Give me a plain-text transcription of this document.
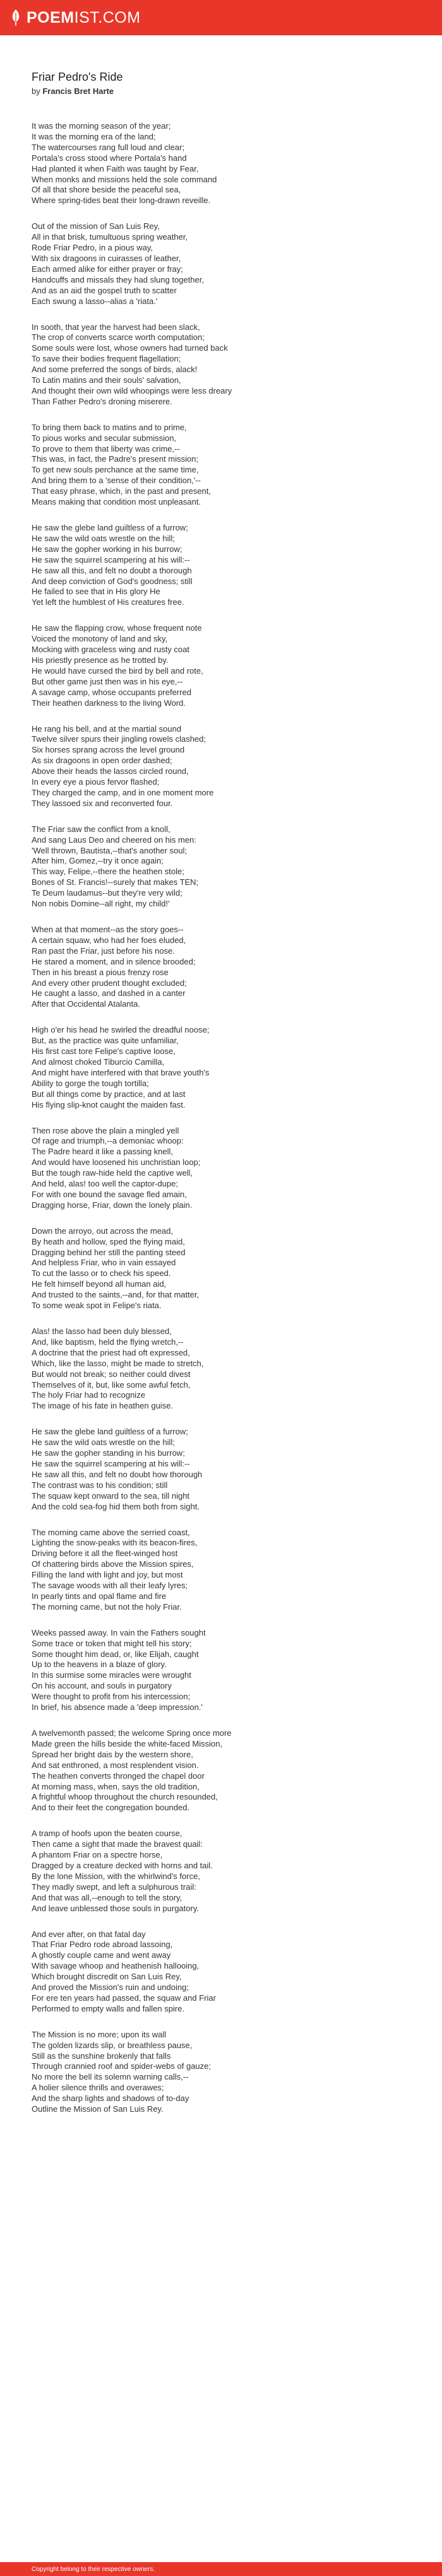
POEMIST.COM
Friar Pedro's Ride

by Francis Bret Harte

It was the morning season of the year;
It was the morning era of the land;
The watercourses rang full loud and clear;
Portala's cross stood where Portala's hand
Had planted it when Faith was taught by Fear,
When monks and missions held the sole command
Of all that shore beside the peaceful sea,
Where spring-tides beat their long-drawn reveille.
Out of the mission of San Luis Rey,
All in that brisk, tumultuous spring weather,
Rode Friar Pedro, in a pious way,
With six dragoons in cuirasses of leather,
Each armed alike for either prayer or fray;
Handcuffs and missals they had slung together,
And as an aid the gospel truth to scatter
Each swung a lasso--alias a 'riata.'
In sooth, that year the harvest had been slack,
The crop of converts scarce worth computation;
Some souls were lost, whose owners had turned back
To save their bodies frequent flagellation;
And some preferred the songs of birds, alack!
To Latin matins and their souls' salvation,
And thought their own wild whoopings were less dreary
Than Father Pedro's droning miserere.
To bring them back to matins and to prime,
To pious works and secular submission,
To prove to them that liberty was crime,--
This was, in fact, the Padre's present mission;
To get new souls perchance at the same time,
And bring them to a 'sense of their condition,'--
That easy phrase, which, in the past and present,
Means making that condition most unpleasant.
He saw the glebe land guiltless of a furrow;
He saw the wild oats wrestle on the hill;
He saw the gopher working in his burrow;
He saw the squirrel scampering at his will:--
He saw all this, and felt no doubt a thorough
And deep conviction of God's goodness; still
He failed to see that in His glory He
Yet left the humblest of His creatures free.
He saw the flapping crow, whose frequent note
Voiced the monotony of land and sky,
Mocking with graceless wing and rusty coat
His priestly presence as he trotted by.
He would have cursed the bird by bell and rote,
But other game just then was in his eye,--
A savage camp, whose occupants preferred
Their heathen darkness to the living Word.
He rang his bell, and at the martial sound
Twelve silver spurs their jingling rowels clashed;
Six horses sprang across the level ground
As six dragoons in open order dashed;
Above their heads the lassos circled round,
In every eye a pious fervor flashed;
They charged the camp, and in one moment more
They lassoed six and reconverted four.
The Friar saw the conflict from a knoll,
And sang Laus Deo and cheered on his men:
'Well thrown, Bautista,--that's another soul;
After him, Gomez,--try it once again;
This way, Felipe,--there the heathen stole;
Bones of St. Francis!--surely that makes TEN;
Te Deum laudamus--but they're very wild;
Non nobis Domine--all right, my child!'
When at that moment--as the story goes--
A certain squaw, who had her foes eluded,
Ran past the Friar, just before his nose.
He stared a moment, and in silence brooded;
Then in his breast a pious frenzy rose
And every other prudent thought excluded;
He caught a lasso, and dashed in a canter
After that Occidental Atalanta.
High o'er his head he swirled the dreadful noose;
But, as the practice was quite unfamiliar,
His first cast tore Felipe's captive loose,
And almost choked Tiburcio Camilla,
And might have interfered with that brave youth's
Ability to gorge the tough tortilla;
But all things come by practice, and at last
His flying slip-knot caught the maiden fast.
Then rose above the plain a mingled yell
Of rage and triumph,--a demoniac whoop:
The Padre heard it like a passing knell,
And would have loosened his unchristian loop;
But the tough raw-hide held the captive well,
And held, alas! too well the captor-dupe;
For with one bound the savage fled amain,
Dragging horse, Friar, down the lonely plain.
Down the arroyo, out across the mead,
By heath and hollow, sped the flying maid,
Dragging behind her still the panting steed
And helpless Friar, who in vain essayed
To cut the lasso or to check his speed.
He felt himself beyond all human aid,
And trusted to the saints,--and, for that matter,
To some weak spot in Felipe's riata.
Alas! the lasso had been duly blessed,
And, like baptism, held the flying wretch,--
A doctrine that the priest had oft expressed,
Which, like the lasso, might be made to stretch,
But would not break; so neither could divest
Themselves of it, but, like some awful fetch,
The holy Friar had to recognize
The image of his fate in heathen guise.
He saw the glebe land guiltless of a furrow;
He saw the wild oats wrestle on the hill;
He saw the gopher standing in his burrow;
He saw the squirrel scampering at his will:--
He saw all this, and felt no doubt how thorough
The contrast was to his condition; still
The squaw kept onward to the sea, till night
And the cold sea-fog hid them both from sight.
The morning came above the serried coast,
Lighting the snow-peaks with its beacon-fires,
Driving before it all the fleet-winged host
Of chattering birds above the Mission spires,
Filling the land with light and joy, but most
The savage woods with all their leafy lyres;
In pearly tints and opal flame and fire
The morning came, but not the holy Friar.
Weeks passed away. In vain the Fathers sought
Some trace or token that might tell his story;
Some thought him dead, or, like Elijah, caught
Up to the heavens in a blaze of glory.
In this surmise some miracles were wrought
On his account, and souls in purgatory
Were thought to profit from his intercession;
In brief, his absence made a 'deep impression.'
A twelvemonth passed; the welcome Spring once more
Made green the hills beside the white-faced Mission,
Spread her bright dais by the western shore,
And sat enthroned, a most resplendent vision.
The heathen converts thronged the chapel door
At morning mass, when, says the old tradition,
A frightful whoop throughout the church resounded,
And to their feet the congregation bounded.
A tramp of hoofs upon the beaten course,
Then came a sight that made the bravest quail:
A phantom Friar on a spectre horse,
Dragged by a creature decked with horns and tail.
By the lone Mission, with the whirlwind's force,
They madly swept, and left a sulphurous trail:
And that was all,--enough to tell the story,
And leave unblessed those souls in purgatory.
And ever after, on that fatal day
That Friar Pedro rode abroad lassoing,
A ghostly couple came and went away
With savage whoop and heathenish hallooing,
Which brought discredit on San Luis Rey,
And proved the Mission's ruin and undoing;
For ere ten years had passed, the squaw and Friar
Performed to empty walls and fallen spire.
The Mission is no more; upon its wall
The golden lizards slip, or breathless pause,
Still as the sunshine brokenly that falls
Through crannied roof and spider-webs of gauze;
No more the bell its solemn warning calls,--
A holier silence thrills and overawes;
And the sharp lights and shadows of to-day
Outline the Mission of San Luis Rey.
Copyright belong to their respective owners.
